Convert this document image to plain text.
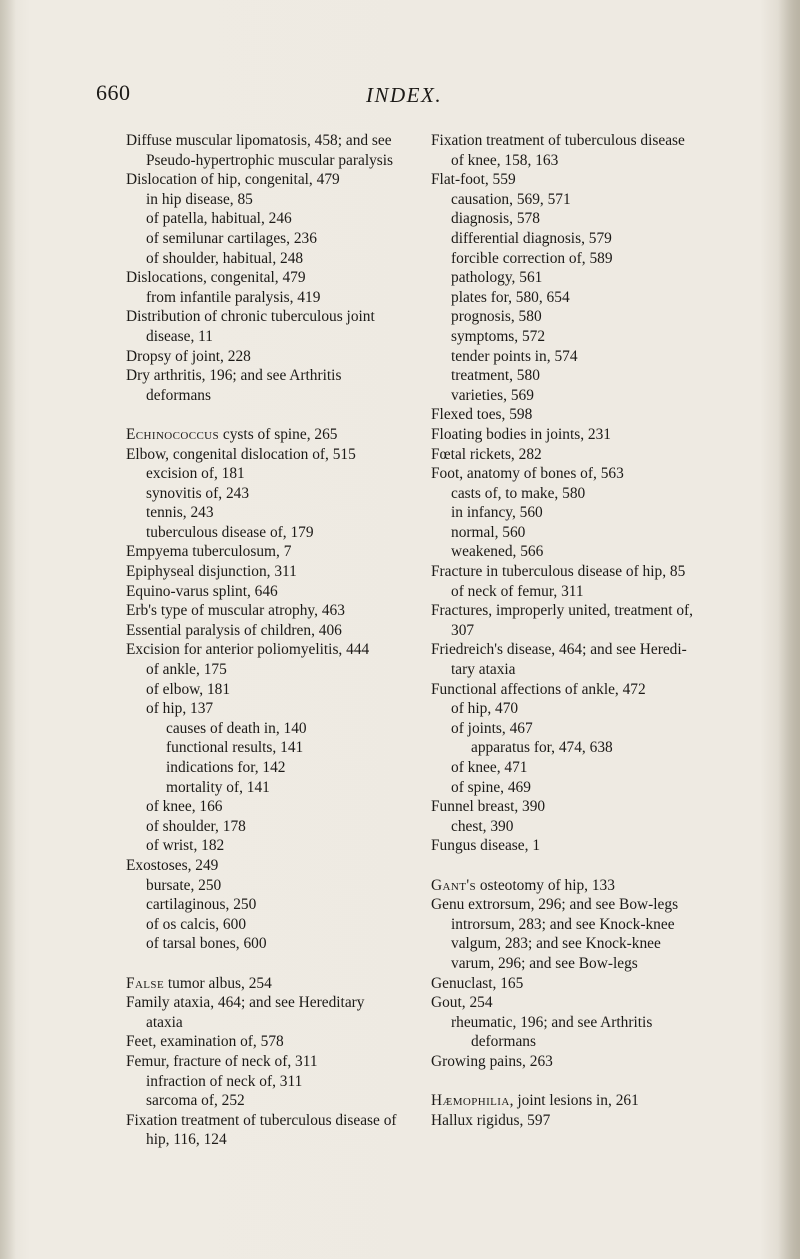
660	INDEX.
Diffuse muscular lipomatosis, 458; and see
Pseudo-hypertrophic muscular paralysis
Dislocation of hip, congenital, 479
in hip disease, 85
of patella, habitual, 246
of semilunar cartilages, 236
of shoulder, habitual, 248
Dislocations, congenital, 479
from infantile paralysis, 419
Distribution of chronic tuberculous joint
disease, 11
Dropsy of joint, 228
Dry arthritis, 196; and see Arthritis
deformans
Echinococcus cysts of spine, 265
Elbow, congenital dislocation of, 515
excision of, 181
synovitis of, 243
tennis, 243
tuberculous disease of, 179
Empyema tuberculosum, 7
Epiphyseal disjunction, 311
Equino-varus splint, 646
Erb's type of muscular atrophy, 463
Essential paralysis of children, 406
Excision for anterior poliomyelitis, 444
of ankle, 175
of elbow, 181
of hip, 137
causes of death in, 140
functional results, 141
indications for, 142
mortality of, 141
of knee, 166
of shoulder, 178
of wrist, 182
Exostoses, 249
bursate, 250
cartilaginous, 250
of os calcis, 600
of tarsal bones, 600
False tumor albus, 254
Family ataxia, 464; and see Hereditary
ataxia
Feet, examination of, 578
Femur, fracture of neck of, 311
infraction of neck of, 311
sarcoma of, 252
Fixation treatment of tuberculous disease of
hip, 116, 124
Fixation treatment of tuberculous disease
of knee, 158, 163
Flat-foot, 559
causation, 569, 571
diagnosis, 578
differential diagnosis, 579
forcible correction of, 589
pathology, 561
plates for, 580, 654
prognosis, 580
symptoms, 572
tender points in, 574
treatment, 580
varieties, 569
Flexed toes, 598
Floating bodies in joints, 231
Fœtal rickets, 282
Foot, anatomy of bones of, 563
casts of, to make, 580
in infancy, 560
normal, 560
weakened, 566
Fracture in tuberculous disease of hip, 85
of neck of femur, 311
Fractures, improperly united, treatment of,
307
Friedreich's disease, 464; and see Heredi-
tary ataxia
Functional affections of ankle, 472
of hip, 470
of joints, 467
apparatus for, 474, 638
of knee, 471
of spine, 469
Funnel breast, 390
chest, 390
Fungus disease, 1
Gant's osteotomy of hip, 133
Genu extrorsum, 296; and see Bow-legs
introrsum, 283; and see Knock-knee
valgum, 283; and see Knock-knee
varum, 296; and see Bow-legs
Genuclast, 165
Gout, 254
rheumatic, 196; and see Arthritis
deformans
Growing pains, 263
Hæmophilia, joint lesions in, 261
Hallux rigidus, 597
